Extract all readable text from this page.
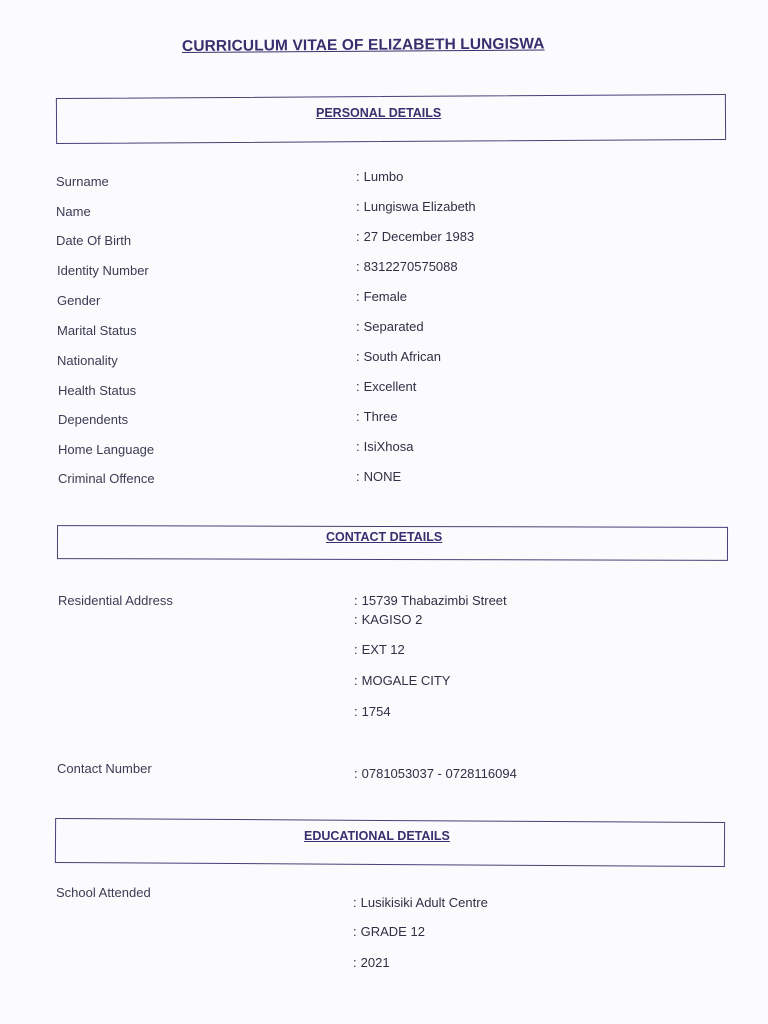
CURRICULUM VITAE OF ELIZABETH LUNGISWA
PERSONAL DETAILS
Surname	: Lumbo
Name	: Lungiswa Elizabeth
Date Of Birth	: 27 December 1983
Identity Number	: 8312270575088
Gender	: Female
Marital Status	: Separated
Nationality	: South African
Health Status	: Excellent
Dependents	: Three
Home Language	: IsiXhosa
Criminal Offence	: NONE
CONTACT DETAILS
Residential Address	: 15739 Thabazimbi Street
: KAGISO 2
: EXT 12
: MOGALE CITY
: 1754
Contact Number	: 0781053037 - 0728116094
EDUCATIONAL DETAILS
School Attended
: Lusikisiki Adult Centre
: GRADE 12
: 2021
